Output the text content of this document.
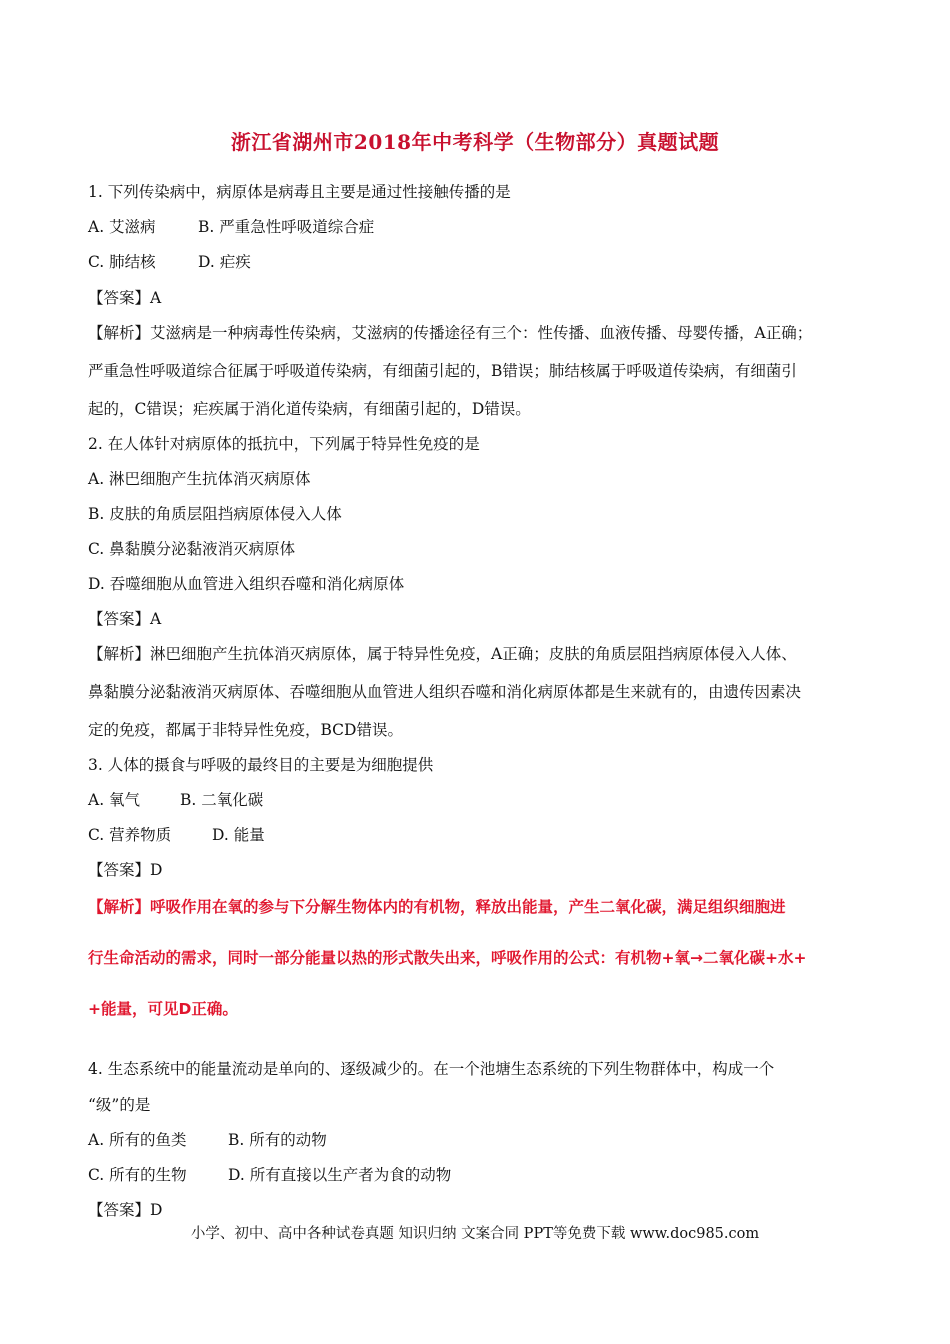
浙江省湖州市2018年中考科学（生物部分）真题试题
1. 下列传染病中，病原体是病毒且主要是通过性接触传播的是
A. 艾滋病	B. 严重急性呼吸道综合症
C. 肺结核	D. 疟疾
【答案】A
【解析】艾滋病是一种病毒性传染病，艾滋病的传播途径有三个：性传播、血液传播、母婴传播，A正确；
严重急性呼吸道综合征属于呼吸道传染病，有细菌引起的，B错误；肺结核属于呼吸道传染病，有细菌引
起的，C错误；疟疾属于消化道传染病，有细菌引起的，D错误。
2. 在人体针对病原体的抵抗中，下列属于特异性免疫的是
A. 淋巴细胞产生抗体消灭病原体
B. 皮肤的角质层阻挡病原体侵入人体
C. 鼻黏膜分泌黏液消灭病原体
D. 吞噬细胞从血管进入组织吞噬和消化病原体
【答案】A
【解析】淋巴细胞产生抗体消灭病原体，属于特异性免疫，A正确；皮肤的角质层阻挡病原体侵入人体、
鼻黏膜分泌黏液消灭病原体、吞噬细胞从血管进人组织吞噬和消化病原体都是生来就有的，由遗传因素决
定的免疫，都属于非特异性免疫，BCD错误。
3. 人体的摄食与呼吸的最终目的主要是为细胞提供
A. 氧气	B. 二氧化碳
C. 营养物质	D. 能量
【答案】D
【解析】呼吸作用在氧的参与下分解生物体内的有机物，释放出能量，产生二氧化碳，满足组织细胞进
行生命活动的需求，同时一部分能量以热的形式散失出来，呼吸作用的公式：有机物+氧→二氧化碳+水+
+能量，可见D正确。
4. 生态系统中的能量流动是单向的、逐级减少的。在一个池塘生态系统的下列生物群体中，构成一个
“级”的是
A. 所有的鱼类	B. 所有的动物
C. 所有的生物	D. 所有直接以生产者为食的动物
【答案】D
小学、初中、高中各种试卷真题 知识归纳 文案合同 PPT等免费下载 www.doc985.com
